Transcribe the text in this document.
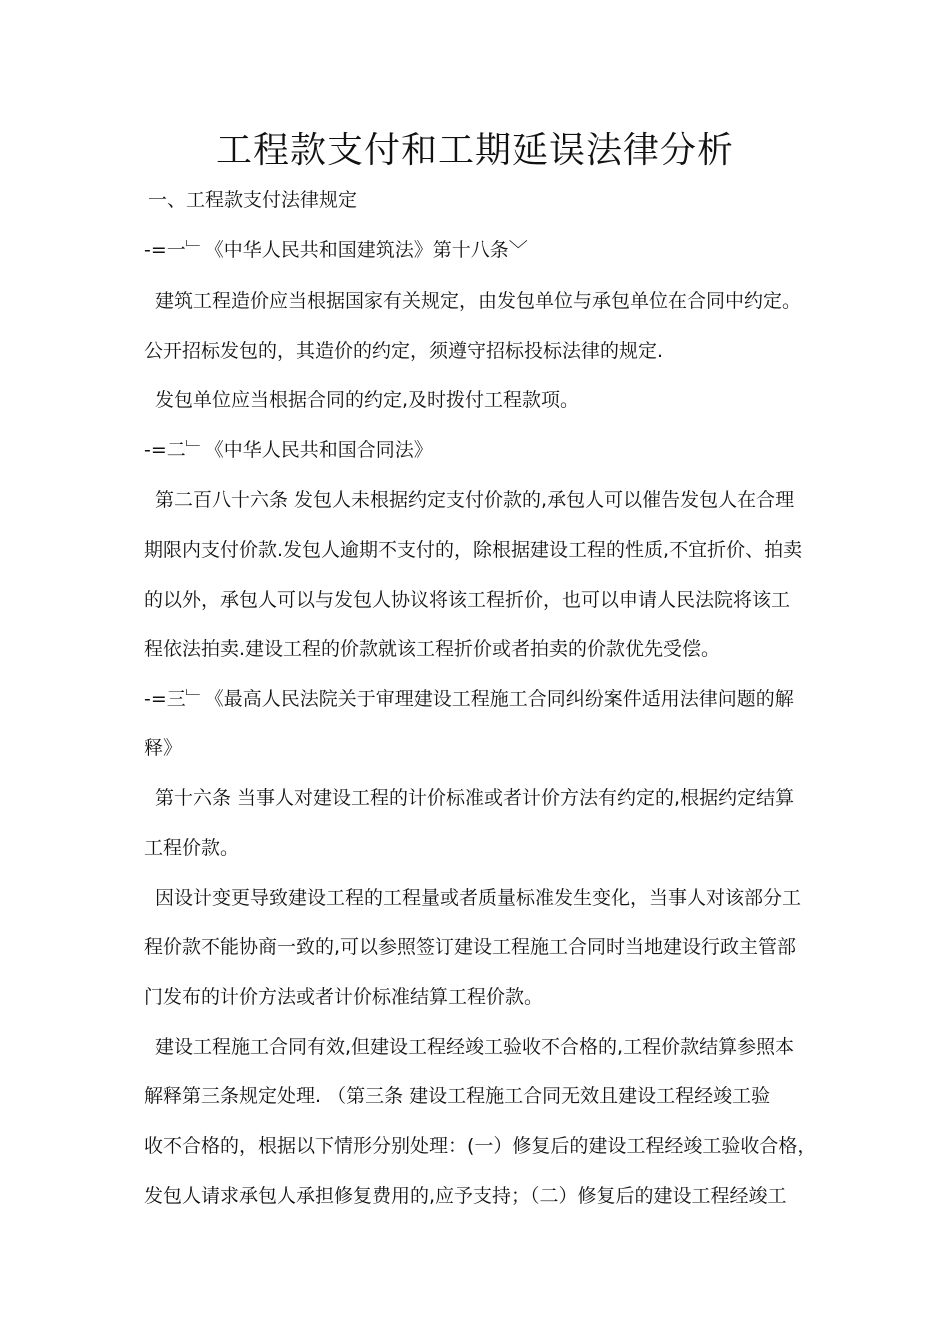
工程款支付和工期延误法律分析
一、工程款支付法律规定
-=一﹂《中华人民共和国建筑法》第十八条﹀
建筑工程造价应当根据国家有关规定，由发包单位与承包单位在合同中约定。
公开招标发包的，其造价的约定，须遵守招标投标法律的规定.
发包单位应当根据合同的约定,及时拨付工程款项。
-=二﹂《中华人民共和国合同法》
第二百八十六条 发包人未根据约定支付价款的,承包人可以催告发包人在合理
期限内支付价款.发包人逾期不支付的，除根据建设工程的性质,不宜折价、拍卖
的以外，承包人可以与发包人协议将该工程折价，也可以申请人民法院将该工
程依法拍卖.建设工程的价款就该工程折价或者拍卖的价款优先受偿。
-=三﹂《最高人民法院关于审理建设工程施工合同纠纷案件适用法律问题的解
释》
第十六条 当事人对建设工程的计价标准或者计价方法有约定的,根据约定结算
工程价款。
因设计变更导致建设工程的工程量或者质量标准发生变化，当事人对该部分工
程价款不能协商一致的,可以参照签订建设工程施工合同时当地建设行政主管部
门发布的计价方法或者计价标准结算工程价款。
建设工程施工合同有效,但建设工程经竣工验收不合格的,工程价款结算参照本
解释第三条规定处理. （第三条 建设工程施工合同无效且建设工程经竣工验
收不合格的，根据以下情形分别处理：(一）修复后的建设工程经竣工验收合格，
发包人请求承包人承担修复费用的,应予支持；（二）修复后的建设工程经竣工
